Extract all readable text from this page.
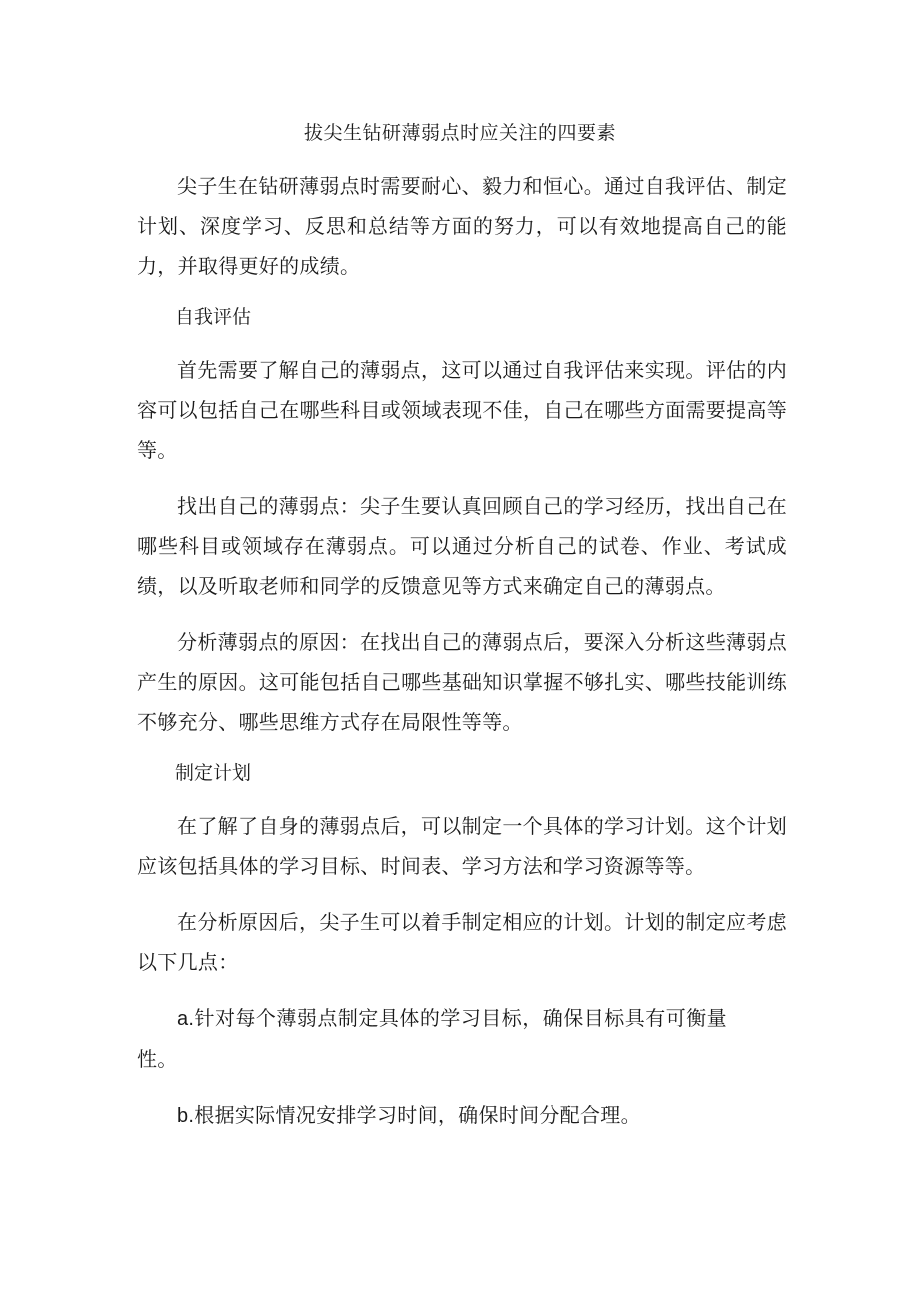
拔尖生钻研薄弱点时应关注的四要素

尖子生在钻研薄弱点时需要耐心、毅力和恒心。通过自我评估、制定计划、深度学习、反思和总结等方面的努力，可以有效地提高自己的能力，并取得更好的成绩。

自我评估

首先需要了解自己的薄弱点，这可以通过自我评估来实现。评估的内容可以包括自己在哪些科目或领域表现不佳，自己在哪些方面需要提高等等。

找出自己的薄弱点：尖子生要认真回顾自己的学习经历，找出自己在哪些科目或领域存在薄弱点。可以通过分析自己的试卷、作业、考试成绩，以及听取老师和同学的反馈意见等方式来确定自己的薄弱点。

分析薄弱点的原因：在找出自己的薄弱点后，要深入分析这些薄弱点产生的原因。这可能包括自己哪些基础知识掌握不够扎实、哪些技能训练不够充分、哪些思维方式存在局限性等等。

制定计划

在了解了自身的薄弱点后，可以制定一个具体的学习计划。这个计划应该包括具体的学习目标、时间表、学习方法和学习资源等等。

在分析原因后，尖子生可以着手制定相应的计划。计划的制定应考虑以下几点：

a.针对每个薄弱点制定具体的学习目标，确保目标具有可衡量性。

b.根据实际情况安排学习时间，确保时间分配合理。
